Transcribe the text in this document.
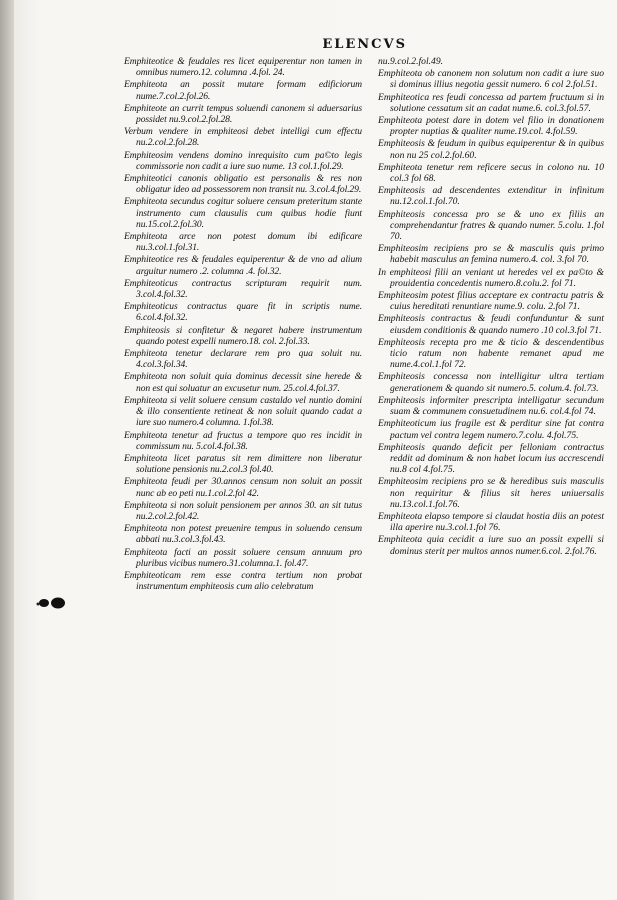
ELENCVS

Emphiteotice & feudales res licet equiperentur non tamen in omnibus numero.12. columna .4.fol. 24.

Emphiteota an possit mutare formam edificiorum nume.7.col.2.fol.26.

Emphiteote an currit tempus soluendi canonem si aduersarius possidet nu.9.col.2.fol.28.

Verbum vendere in emphiteosi debet intelligi cum effectu nu.2.col.2.fol.28.

Emphiteosim vendens domino inrequisito cum pa©to legis commissorie non cadit a iure suo nume. 13 col.1.fol.29.

Emphiteotici canonis obligatio est personalis & res non obligatur ideo ad possessorem non transit nu. 3.col.4.fol.29.

Emphiteota secundus cogitur soluere censum preteritum stante instrumento cum clausulis cum quibus hodie fiunt nu.15.col.2.fol.30.

Emphiteota arce non potest domum ibi edificare nu.3.col.1.fol.31.

Emphiteotice res & feudales equiperentur & de vno ad alium arguitur numero .2. columna .4. fol.32.

Emphiteoticus contractus scripturam requirit num. 3.col.4.fol.32.

Emphiteoticus contractus quare fit in scriptis nume. 6.col.4.fol.32.

Emphiteosis si confitetur & negaret habere instrumentum quando potest expelli numero.18. col. 2.fol.33.

Emphiteota tenetur declarare rem pro qua soluit nu. 4.col.3.fol.34.

Emphiteota non soluit quia dominus decessit sine herede & non est qui soluatur an excusetur num. 25.col.4.fol.37.

Emphiteota si velit soluere censum castaldo vel nuntio domini & illo consentiente retineat & non soluit quando cadat a iure suo numero.4 columna. 1.fol.38.

Emphiteota tenetur ad fructus a tempore quo res incidit in commissum nu. 5.col.4.fol.38.

Emphiteota licet paratus sit rem dimittere non liberatur solutione pensionis nu.2.col.3 fol.40.

Emphiteota feudi per 30.annos censum non soluit an possit nunc ab eo peti nu.1.col.2.fol 42.

Emphiteota si non soluit pensionem per annos 30. an sit tutus nu.2.col.2.fol.42.

Emphiteota non potest preuenire tempus in soluendo censum abbati nu.3.col.3.fol.43.

Emphiteota facti an possit soluere censum annuum pro pluribus vicibus numero.31.columna.1. fol.47.

Emphiteoticam rem esse contra tertium non probat instrumentum emphiteosis cum alio celebratum

nu.9.col.2.fol.49.

Emphiteota ob canonem non solutum non cadit a iure suo si dominus illius negotia gessit numero. 6 col 2.fol.51.

Emphiteotica res feudi concessa ad partem fructuum si in solutione cessatum sit an cadat nume.6. col.3.fol.57.

Emphiteota potest dare in dotem vel filio in donationem propter nuptias & qualiter nume.19.col. 4.fol.59.

Emphiteosis & feudum in quibus equiperentur & in quibus non nu 25 col.2.fol.60.

Emphiteota tenetur rem reficere secus in colono nu. 10 col.3 fol 68.

Emphiteosis ad descendentes extenditur in infinitum nu.12.col.1.fol.70.

Emphiteosis concessa pro se & uno ex filiis an comprehendantur fratres & quando numer. 5.colu. 1.fol 70.

Emphiteosim recipiens pro se & masculis quis primo habebit masculus an femina numero.4. col. 3.fol 70.

In emphiteosi filii an veniant ut heredes vel ex pa©to & prouidentia concedentis numero.8.colu.2. fol 71.

Emphiteosim potest filius acceptare ex contractu patris & cuius hereditati renuntiare nume.9. colu. 2.fol 71.

Emphiteosis contractus & feudi confunduntur & sunt eiusdem conditionis & quando numero .10 col.3.fol 71.

Emphiteosis recepta pro me & ticio & descendentibus ticio ratum non habente remanet apud me nume.4.col.1.fol 72.

Emphiteosis concessa non intelligitur ultra tertiam generationem & quando sit numero.5. colum.4. fol.73.

Emphiteosis informiter prescripta intelligatur secundum suam & communem consuetudinem nu.6. col.4.fol 74.

Emphiteoticum ius fragile est & perditur sine fat contra pactum vel contra legem numero.7.colu. 4.fol.75.

Emphiteosis quando deficit per felloniam contractus reddit ad dominum & non habet locum ius accrescendi nu.8 col 4.fol.75.

Emphiteosim recipiens pro se & heredibus suis masculis non requiritur & filius sit heres uniuersalis nu.13.col.1.fol.76.

Emphiteota elapso tempore si claudat hostia diis an potest illa aperire nu.3.col.1.fol 76.

Emphiteota quia cecidit a iure suo an possit expelli si dominus sterit per multos annos numer.6.col. 2.fol.76.
